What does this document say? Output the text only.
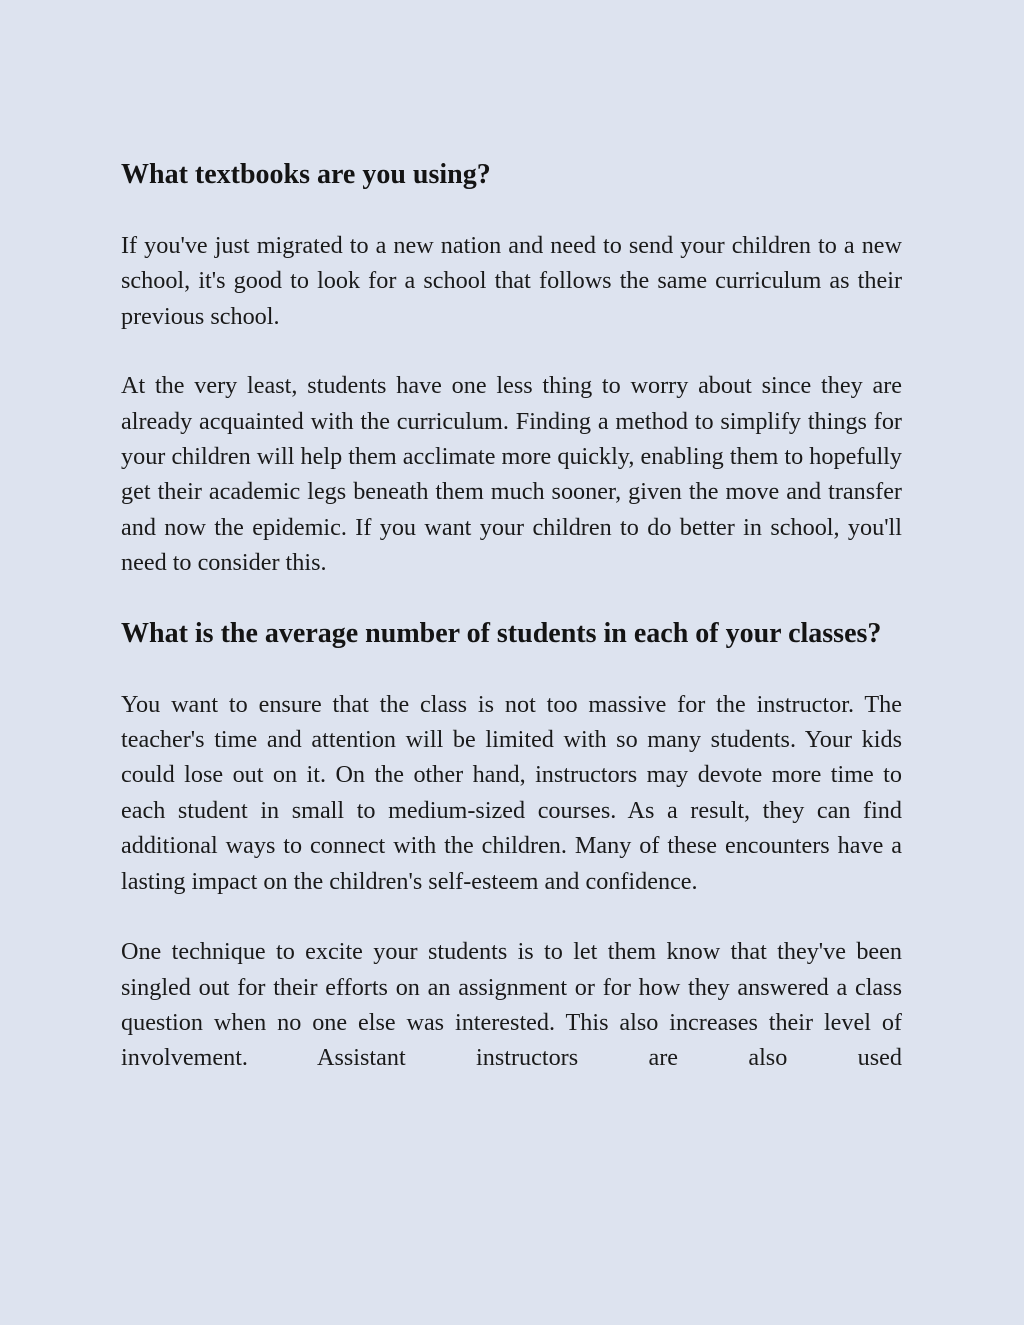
What textbooks are you using?

If you've just migrated to a new nation and need to send your children to a new school, it's good to look for a school that follows the same curriculum as their previous school.

At the very least, students have one less thing to worry about since they are already acquainted with the curriculum. Finding a method to simplify things for your children will help them acclimate more quickly, enabling them to hopefully get their academic legs beneath them much sooner, given the move and transfer and now the epidemic. If you want your children to do better in school, you'll need to consider this.

What is the average number of students in each of your classes?

You want to ensure that the class is not too massive for the instructor. The teacher's time and attention will be limited with so many students. Your kids could lose out on it. On the other hand, instructors may devote more time to each student in small to medium-sized courses. As a result, they can find additional ways to connect with the children. Many of these encounters have a lasting impact on the children's self-esteem and confidence.

One technique to excite your students is to let them know that they've been singled out for their efforts on an assignment or for how they answered a class question when no one else was interested. This also increases their level of involvement. Assistant instructors are also used
